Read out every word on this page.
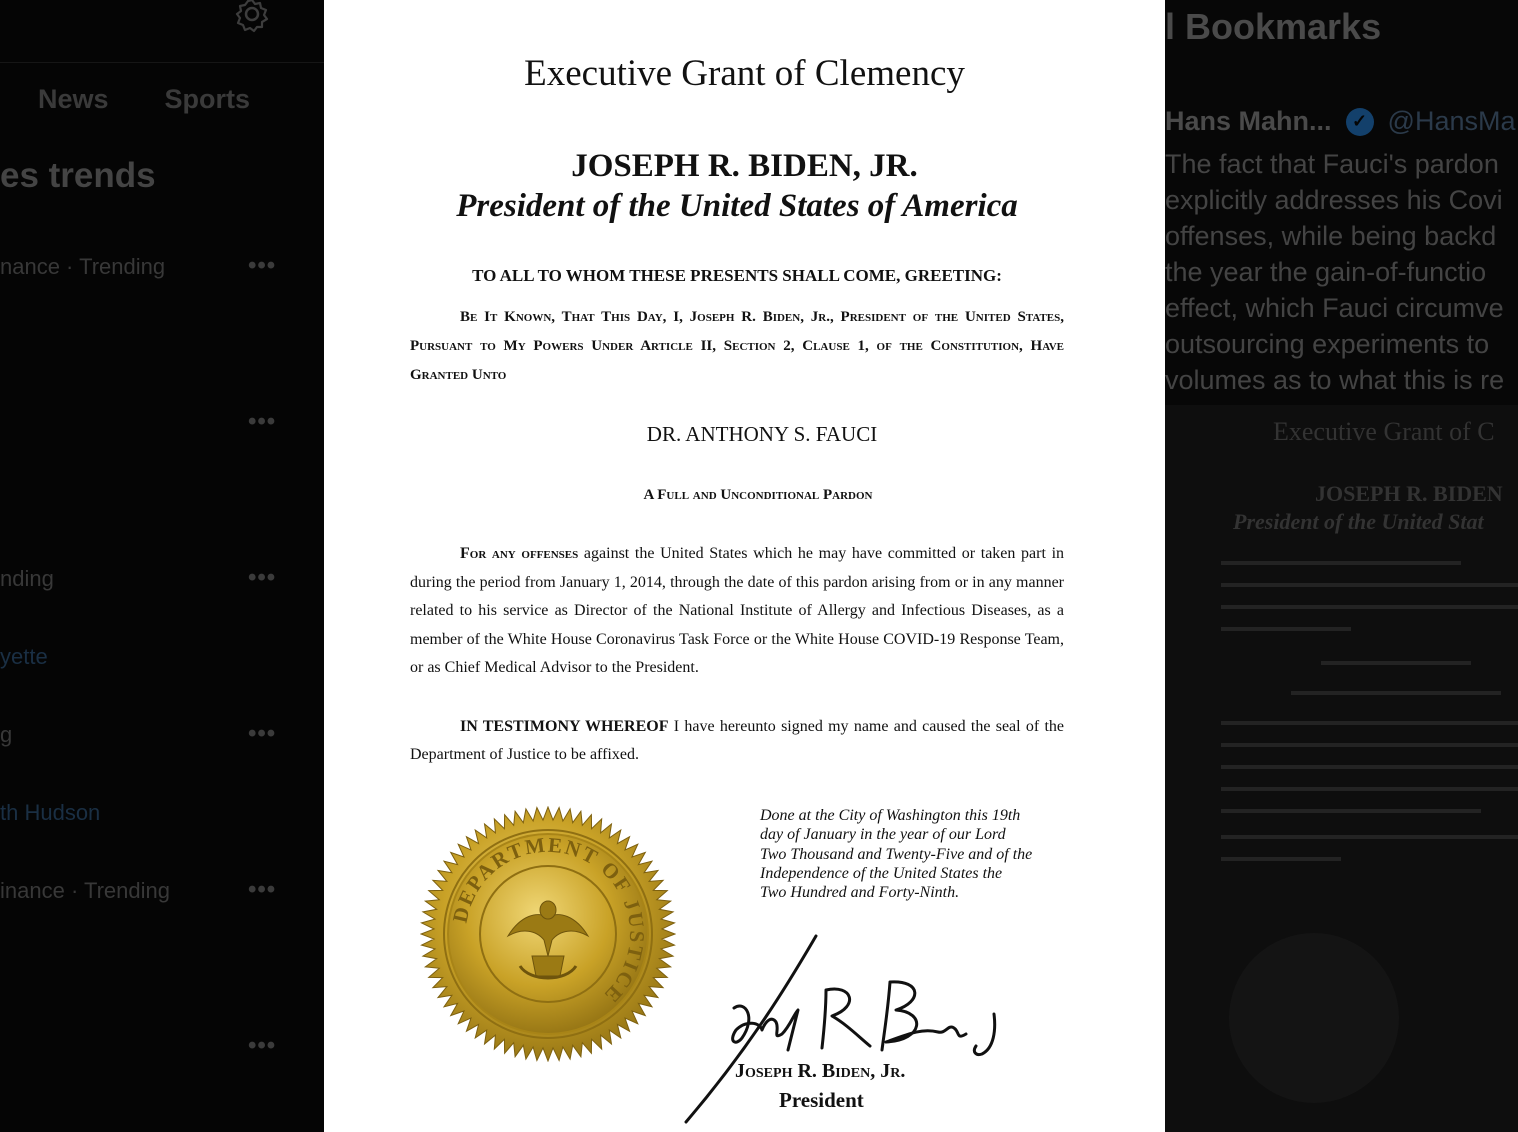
News Sports
es trends
nance · Trending	•••
•••
nding	•••
yette
g	•••
th Hudson
inance · Trending	•••
•••
l Bookmarks
Hans Mahn...	✓ @HansMa
The fact that Fauci's pardon
explicitly addresses his Covi
offenses, while being backd
the year the gain-of-functio
effect, which Fauci circumve
outsourcing experiments to
volumes as to what this is re
Executive Grant of C
JOSEPH R. BIDEN
President of the United Stat
Executive Grant of Clemency
JOSEPH R. BIDEN, JR.
President of the United States of America
TO ALL TO WHOM THESE PRESENTS SHALL COME, GREETING:
Be It Known, That This Day, I, Joseph R. Biden, Jr., President of the United States, Pursuant to My Powers Under Article II, Section 2, Clause 1, of the Constitution, Have Granted Unto
DR. ANTHONY S. FAUCI
A Full and Unconditional Pardon
For any offenses against the United States which he may have committed or taken part in during the period from January 1, 2014, through the date of this pardon arising from or in any manner related to his service as Director of the National Institute of Allergy and Infectious Diseases, as a member of the White House Coronavirus Task Force or the White House COVID-19 Response Team, or as Chief Medical Advisor to the President.
IN TESTIMONY WHEREOF I have hereunto signed my name and caused the seal of the Department of Justice to be affixed.
DEPARTMENT OF JUSTICE
Done at the City of Washington this 19th
day of January in the year of our Lord
Two Thousand and Twenty-Five and of the
Independence of the United States the
Two Hundred and Forty-Ninth.
Joseph R. Biden, Jr.
President
